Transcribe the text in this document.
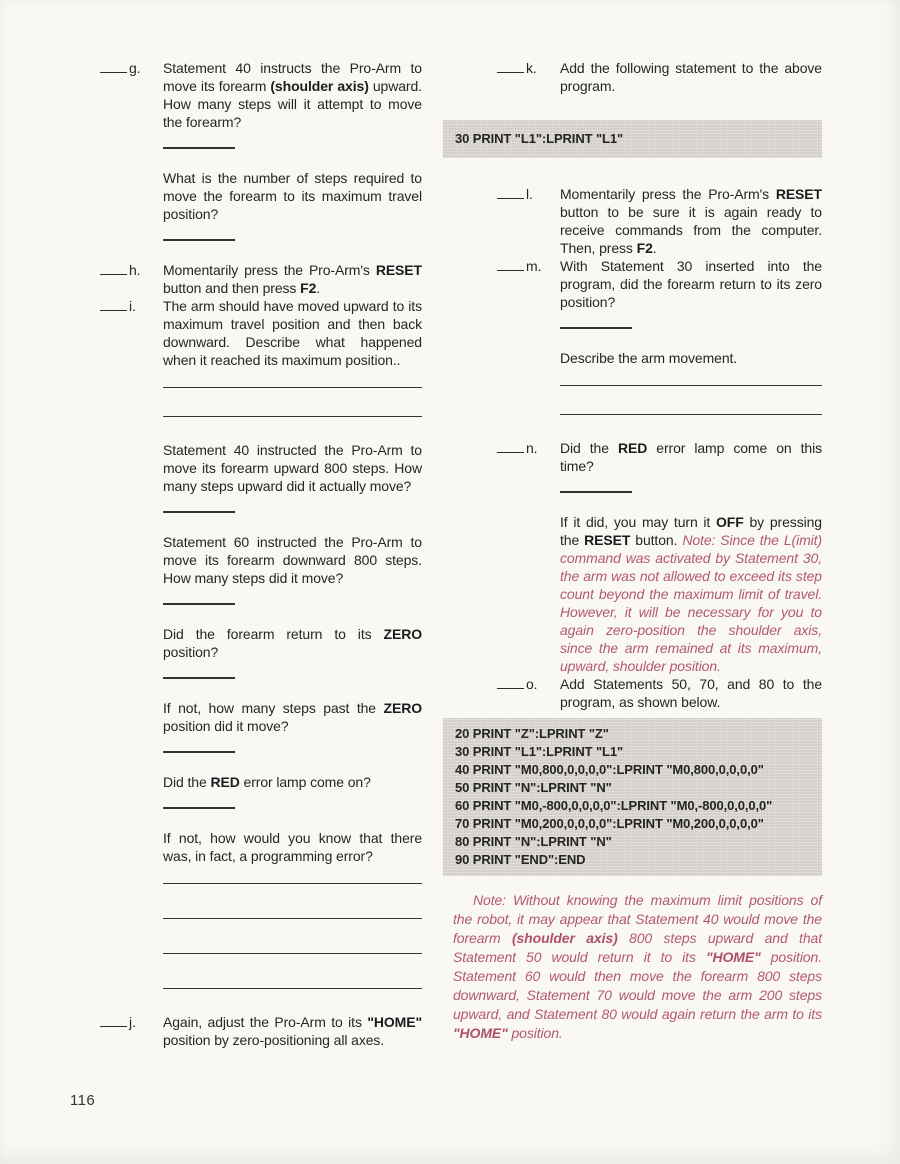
g.	Statement 40 instructs the Pro-Arm to move its forearm (shoulder axis) upward. How many steps will it attempt to move the forearm?
What is the number of steps required to move the forearm to its maximum travel position?
h.	Momentarily press the Pro-Arm's RESET button and then press F2.
i.	The arm should have moved upward to its maximum travel position and then back downward. Describe what happened when it reached its maximum position..
Statement 40 instructed the Pro-Arm to move its forearm upward 800 steps. How many steps upward did it actually move?
Statement 60 instructed the Pro-Arm to move its forearm downward 800 steps. How many steps did it move?
Did the forearm return to its ZERO position?
If not, how many steps past the ZERO position did it move?
Did the RED error lamp come on?
If not, how would you know that there was, in fact, a programming error?
j.	Again, adjust the Pro-Arm to its "HOME" position by zero-positioning all axes.
k.	Add the following statement to the above program.
30 PRINT "L1":LPRINT "L1"
l.	Momentarily press the Pro-Arm's RESET button to be sure it is again ready to receive commands from the computer. Then, press F2.
m.	With Statement 30 inserted into the program, did the forearm return to its zero position?
Describe the arm movement.
n.	Did the RED error lamp come on this time?
If it did, you may turn it OFF by pressing the RESET button. Note: Since the L(imit) command was activated by Statement 30, the arm was not allowed to exceed its step count beyond the maximum limit of travel. However, it will be necessary for you to again zero-position the shoulder axis, since the arm remained at its maximum, upward, shoulder position.
o.	Add Statements 50, 70, and 80 to the program, as shown below.
20 PRINT "Z":LPRINT "Z"
30 PRINT "L1":LPRINT "L1"
40 PRINT "M0,800,0,0,0,0":LPRINT "M0,800,0,0,0,0"
50 PRINT "N":LPRINT "N"
60 PRINT "M0,-800,0,0,0,0":LPRINT "M0,-800,0,0,0,0"
70 PRINT "M0,200,0,0,0,0":LPRINT "M0,200,0,0,0,0"
80 PRINT "N":LPRINT "N"
90 PRINT "END":END
Note: Without knowing the maximum limit positions of the robot, it may appear that Statement 40 would move the forearm (shoulder axis) 800 steps upward and that Statement 50 would return it to its "HOME" position. Statement 60 would then move the forearm 800 steps downward, Statement 70 would move the arm 200 steps upward, and Statement 80 would again return the arm to its "HOME" position.
116
